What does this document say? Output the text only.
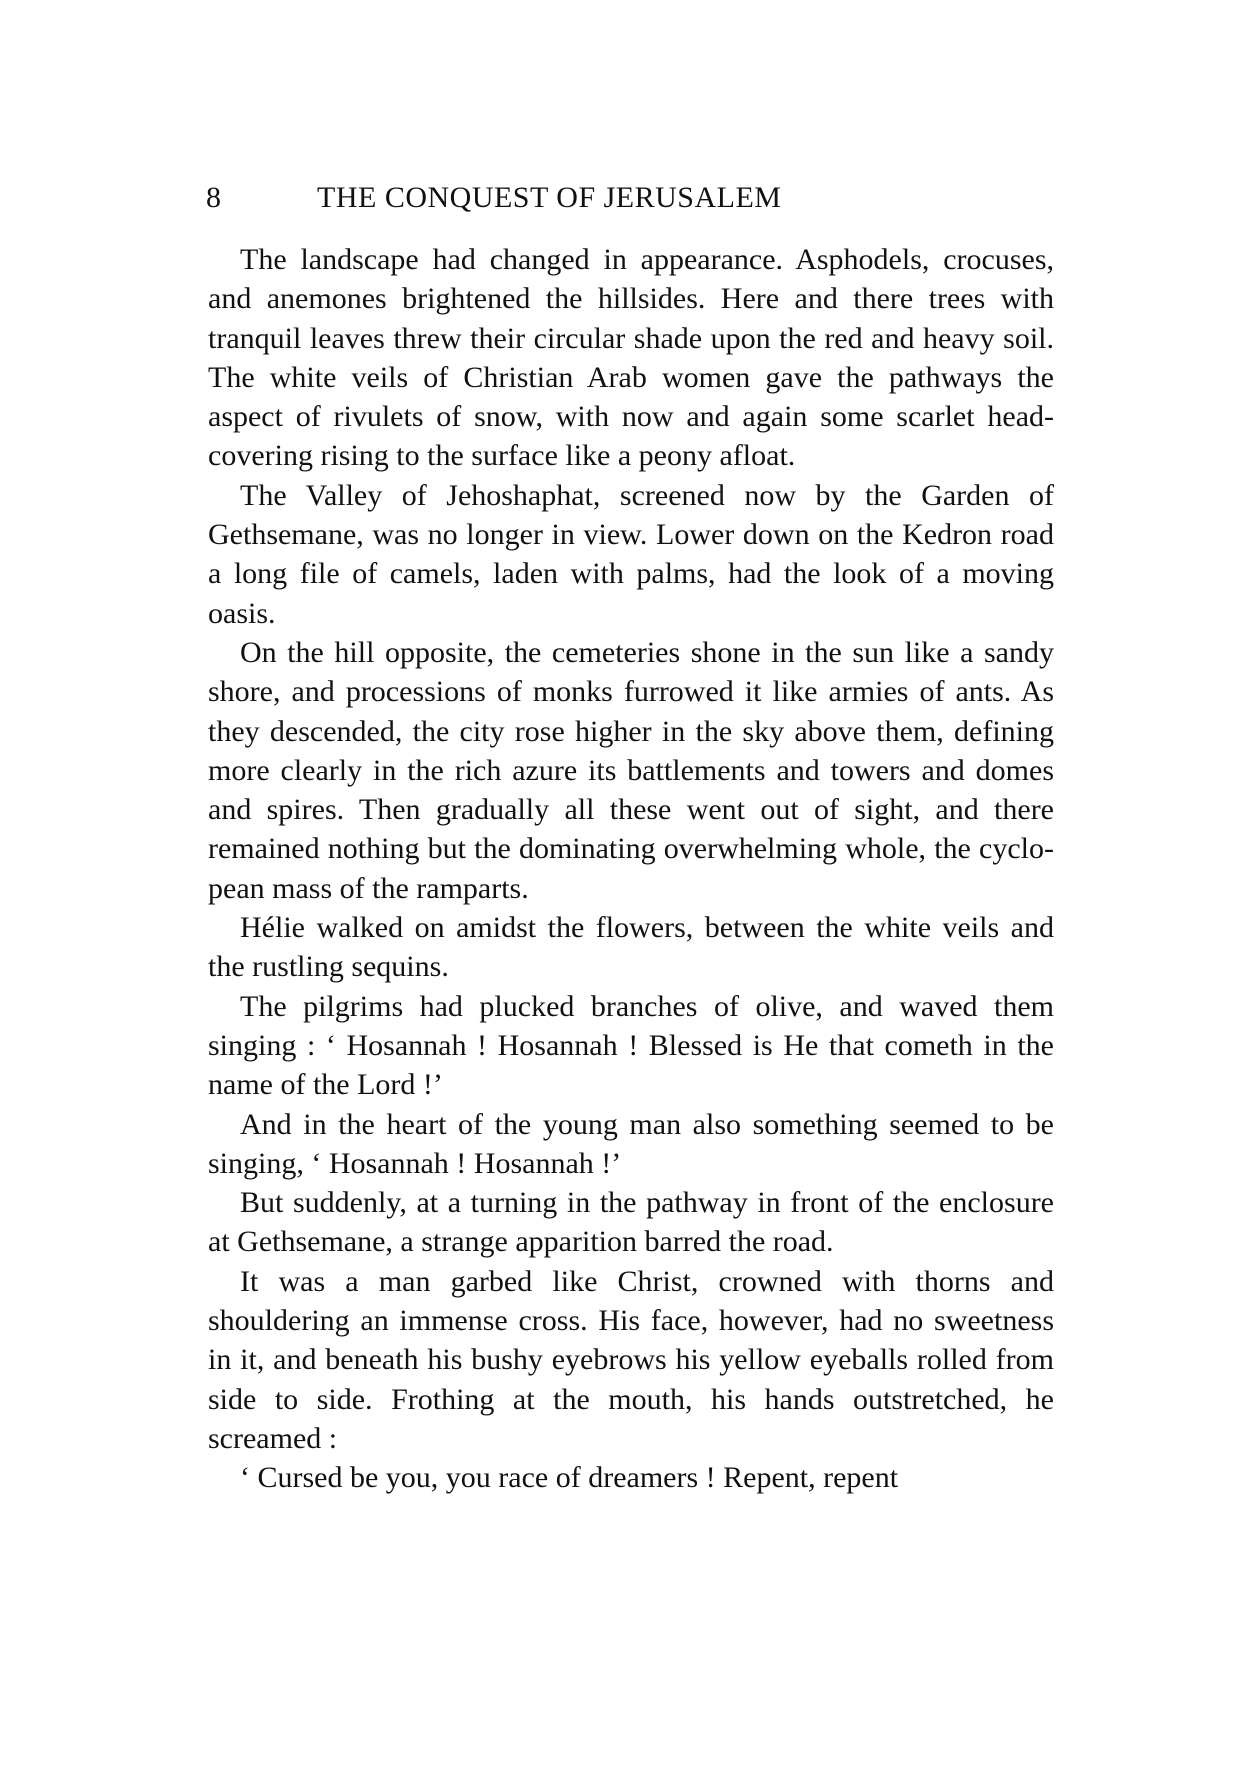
8	THE CONQUEST OF JERUSALEM

The landscape had changed in appearance. Asphodels, crocuses, and anemones brightened the hillsides. Here and there trees with tranquil leaves threw their circular shade upon the red and heavy soil. The white veils of Christian Arab women gave the pathways the aspect of rivulets of snow, with now and again some scarlet head-covering rising to the surface like a peony afloat.

The Valley of Jehoshaphat, screened now by the Garden of Gethsemane, was no longer in view. Lower down on the Kedron road a long file of camels, laden with palms, had the look of a moving oasis.

On the hill opposite, the cemeteries shone in the sun like a sandy shore, and processions of monks furrowed it like armies of ants. As they descended, the city rose higher in the sky above them, defining more clearly in the rich azure its battlements and towers and domes and spires. Then gradually all these went out of sight, and there remained nothing but the dominating overwhelming whole, the cyclo-pean mass of the ramparts.

Hélie walked on amidst the flowers, between the white veils and the rustling sequins.

The pilgrims had plucked branches of olive, and waved them singing : ‘ Hosannah ! Hosannah ! Blessed is He that cometh in the name of the Lord !’

And in the heart of the young man also something seemed to be singing, ‘ Hosannah ! Hosannah !’

But suddenly, at a turning in the pathway in front of the enclosure at Gethsemane, a strange apparition barred the road.

It was a man garbed like Christ, crowned with thorns and shouldering an immense cross. His face, however, had no sweetness in it, and beneath his bushy eyebrows his yellow eyeballs rolled from side to side. Frothing at the mouth, his hands outstretched, he screamed :

‘ Cursed be you, you race of dreamers ! Repent, repent
